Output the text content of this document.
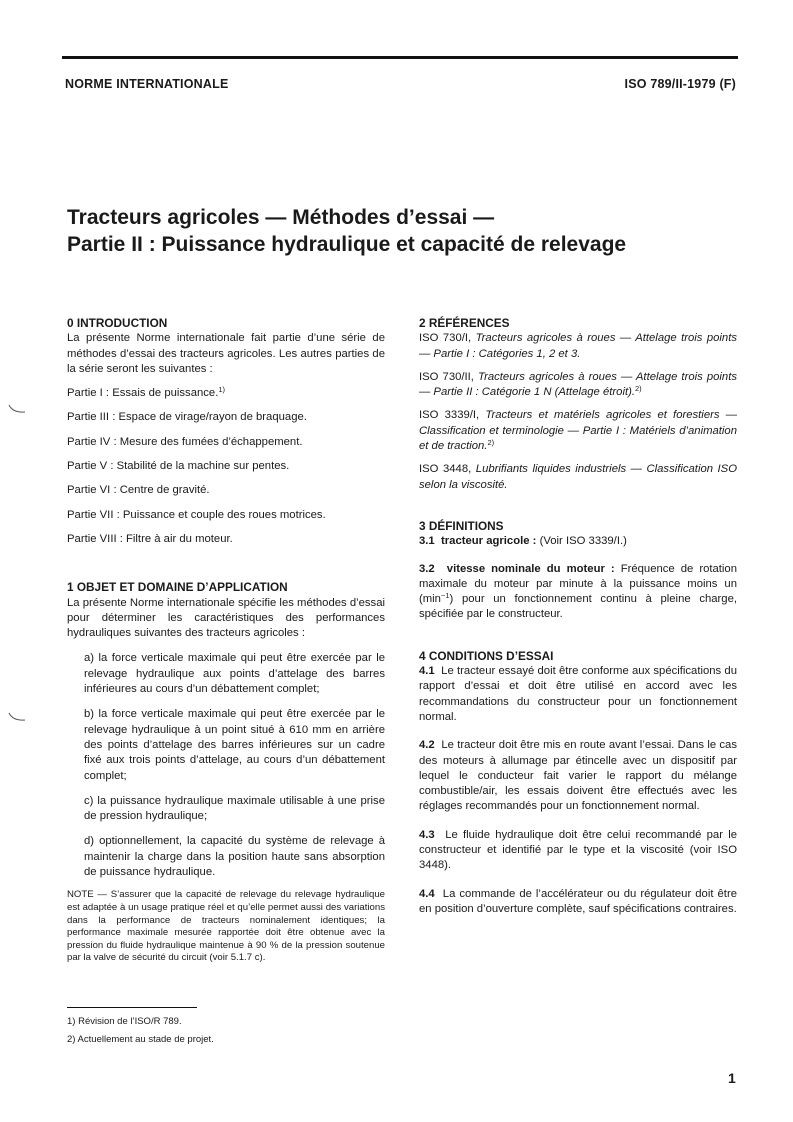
NORME INTERNATIONALE	ISO 789/II-1979 (F)
Tracteurs agricoles — Méthodes d’essai —
Partie II : Puissance hydraulique et capacité de relevage

0 INTRODUCTION

La présente Norme internationale fait partie d’une série de méthodes d’essai des tracteurs agricoles. Les autres parties de la série seront les suivantes :

Partie I : Essais de puissance.$^{1)}$

Partie III : Espace de virage/rayon de braquage.

Partie IV : Mesure des fumées d’échappement.

Partie V : Stabilité de la machine sur pentes.

Partie VI : Centre de gravité.

Partie VII : Puissance et couple des roues motrices.

Partie VIII : Filtre à air du moteur.

1 OBJET ET DOMAINE D’APPLICATION

La présente Norme internationale spécifie les méthodes d’essai pour déterminer les caractéristiques des performances hydrauliques suivantes des tracteurs agricoles :

a) la force verticale maximale qui peut être exercée par le relevage hydraulique aux points d’attelage des barres inférieures au cours d’un débattement complet;

b) la force verticale maximale qui peut être exercée par le relevage hydraulique à un point situé à 610 mm en arrière des points d’attelage des barres inférieures sur un cadre fixé aux trois points d’attelage, au cours d’un débattement complet;

c) la puissance hydraulique maximale utilisable à une prise de pression hydraulique;

d) optionnellement, la capacité du système de relevage à maintenir la charge dans la position haute sans absorption de puissance hydraulique.

NOTE — S’assurer que la capacité de relevage du relevage hydraulique est adaptée à un usage pratique réel et qu’elle permet aussi des variations dans la performance de tracteurs nominalement identiques; la performance maximale mesurée rapportée doit être obtenue avec la pression du fluide hydraulique maintenue à 90 % de la pression soutenue par la valve de sécurité du circuit (voir 5.1.7 c).

2 RÉFÉRENCES

ISO 730/I, Tracteurs agricoles à roues — Attelage trois points — Partie I : Catégories 1, 2 et 3.

ISO 730/II, Tracteurs agricoles à roues — Attelage trois points — Partie II : Catégorie 1 N (Attelage étroit).$^{2)}$

ISO 3339/I, Tracteurs et matériels agricoles et forestiers — Classification et terminologie — Partie I : Matériels d’animation et de traction.$^{2)}$

ISO 3448, Lubrifiants liquides industriels — Classification ISO selon la viscosité.

3 DÉFINITIONS

3.1 tracteur agricole : (Voir ISO 3339/I.)

3.2 vitesse nominale du moteur : Fréquence de rotation maximale du moteur par minute à la puissance moins un $(\min^{-1})$ pour un fonctionnement continu à pleine charge, spécifiée par le constructeur.

4 CONDITIONS D’ESSAI

4.1 Le tracteur essayé doit être conforme aux spécifications du rapport d’essai et doit être utilisé en accord avec les recommandations du constructeur pour un fonctionnement normal.

4.2 Le tracteur doit être mis en route avant l’essai. Dans le cas des moteurs à allumage par étincelle avec un dispositif par lequel le conducteur fait varier le rapport du mélange combustible/air, les essais doivent être effectués avec les réglages recommandés pour un fonctionnement normal.

4.3 Le fluide hydraulique doit être celui recommandé par le constructeur et identifié par le type et la viscosité (voir ISO 3448).

4.4 La commande de l’accélérateur ou du régulateur doit être en position d’ouverture complète, sauf spécifications contraires.

1) Révision de l’ISO/R 789.
2) Actuellement au stade de projet.
1
